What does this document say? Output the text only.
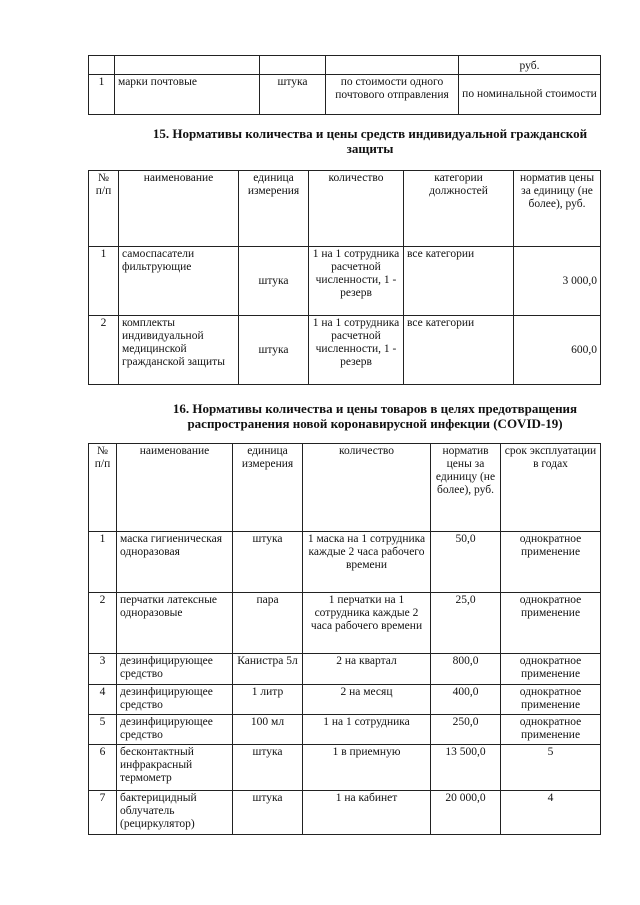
				руб.
1	марки почтовые	штука	по стоимости одного почтового отправления	по номинальной стоимости
15. Нормативы количества и цены средств индивидуальной гражданской
защиты
№ п/п	наименование	единица измерения	количество	категории должностей	норматив цены за единицу (не более), руб.
1	самоспасатели фильтрующие	штука	1 на 1 сотрудника расчетной численности, 1 - резерв	все категории	3 000,0
2	комплекты индивидуальной медицинской гражданской защиты	штука	1 на 1 сотрудника расчетной численности, 1 - резерв	все категории	600,0
16. Нормативы количества и цены товаров в целях предотвращения
распространения новой коронавирусной инфекции (COVID-19)
№ п/п	наименование	единица измерения	количество	норматив цены за единицу (не более), руб.	срок эксплуатации в годах
1	маска гигиеническая одноразовая	штука	1 маска на 1 сотрудника каждые 2 часа рабочего времени	50,0	однократное применение
2	перчатки латексные одноразовые	пара	1 перчатки на 1 сотрудника каждые 2 часа рабочего времени	25,0	однократное применение
3	дезинфицирующее средство	Канистра 5л	2 на квартал	800,0	однократное применение
4	дезинфицирующее средство	1 литр	2 на месяц	400,0	однократное применение
5	дезинфицирующее средство	100 мл	1 на 1 сотрудника	250,0	однократное применение
6	бесконтактный инфракрасный термометр	штука	1 в приемную	13 500,0	5
7	бактерицидный облучатель (рециркулятор)	штука	1 на кабинет	20 000,0	4
